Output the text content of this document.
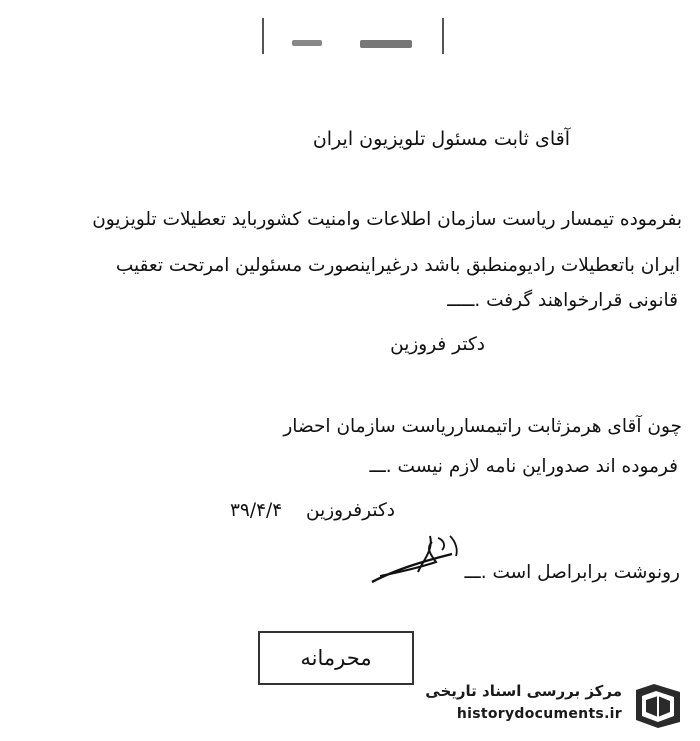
آقای ثابت مسئول تلویزیون ایران
بفرموده تیمسار ریاست سازمان اطلاعات وامنیت کشورباید تعطیلات تلویزیون
ایران باتعطیلات رادیومنطبق باشد درغیراینصورت مسئولین امرتحت تعقیب
قانونی قرارخواهند گرفت .ـــــ
دکتر فروزین
چون آقای هرمزثابت راتیمسارریاست سازمان احضار
فرموده اند صدوراین نامه لازم نیست .ـــ
۳۹/۴/۴ دکترفروزین
رونوشت برابراصل است .ـــ
محرمانه
مرکز بررسی اسناد تاریخی
historydocuments.ir
